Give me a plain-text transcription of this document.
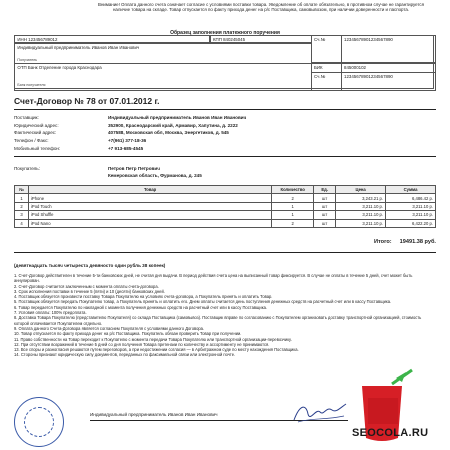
Внимание! Оплата данного счета означает согласие с условиями поставки товара. Уведомление об оплате обязательно, в противном случае не гарантируется наличие товара на складе. Товар отпускается по факту прихода денег на р/с Поставщика, самовывозом, при наличии доверенности и паспорта.
Образец заполнения платежного поручения
ИНН 123456789012	КПП 840245045	Сч.№	12345678901234567890
Индивидуальный предприниматель Иванов Иван Иванович
Получатель
ОТП Банк Отделение города Краснодара
Банк получателя
БИК	845000102
Сч.№	12345678901234567890
Счет-Договор № 78 от 07.01.2012 г.
Поставщик:	Индивидуальный предприниматель Иванов Иван Иванович
Юридический адрес:	352900, Краснодарский край, Армавир, Хапутина, д. 2222
Фактический адрес:	407588, Московская обл, Москва, Энергетиков, д. 545
Телефон / Факс:	+7(961) 377-18-36
Мобильный телефон:	+7 913-685-4545
Покупатель:	Петров Петр Петрович
Кемеровская область, Фурманова, д. 245
№	Товар	Количество	Ед.	Цена	Сумма
1	iPhone	2	шт	3,243.21 р.	6,486.42 р.
2	iPod Touch	1	шт	3,211.10 р.	3,211.10 р.
3	iPod Shuffle	1	шт	3,211.10 р.	3,211.10 р.
4	iPod Nano	2	шт	3,211.10 р.	6,422.20 р.
Итого: 19491.38 руб.
(девятнадцать тысяч четыреста девяносто один рубль 38 копеек)
1. Счет-Договор действителен в течение 5-ти банковских дней, не считая дня выдачи. В период действия счета цена на выписанный товар фиксируется. В случае не оплаты в течение 5 дней, счет может быть аннулирован.
2. Счет-Договор считается заключенным с момента оплаты счета-договора.
3. Срок исполнения поставки в течение 5 (пяти) и 10 (десяти) банковских дней.
4. Поставщик обязуется произвести поставку Товара Покупателю на условиях счета-договора, а Покупатель принять и оплатить Товар.
5. Поставщик обязуется передать Покупателю товар, а Покупатель принять и оплатить его. Днем оплаты считается день поступления денежных средств на расчетный счет или в кассу Поставщика.
6. Товар передается Покупателю по накладной с момента получения денежных средств на расчетный счет или в кассу Поставщика.
7. Условия оплаты: 100% предоплата.
8. Доставка Товара Покупателю (представителю Покупателя) со склада Поставщика (самовывоз). Поставщик вправе по согласованию с Покупателем организовать доставку транспортной организацией, стоимость которой оплачивается Покупателем отдельно.
9. Оплата данного Счета-Договора является согласием Покупателя с условиями данного Договора.
10. Товар отпускается по факту прихода денег на р/с Поставщика. Покупатель обязан проверить Товар при получении.
11. Право собственности на Товар переходит к Покупателю с момента передачи Товара Покупателю или транспортной организации-перевозчику.
12. При отсутствии возражений в течение 5 дней со дня получения Товара претензии по количеству и ассортименту не принимаются.
13. Все споры и разногласия решаются путем переговоров, а при недостижении согласия — в Арбитражном суде по месту нахождения Поставщика.
14. Стороны признают юридическую силу документов, переданных по факсимильной связи или электронной почте.
Индивидуальный предприниматель Иванов Иван Иванович
SEOCOLA.RU
